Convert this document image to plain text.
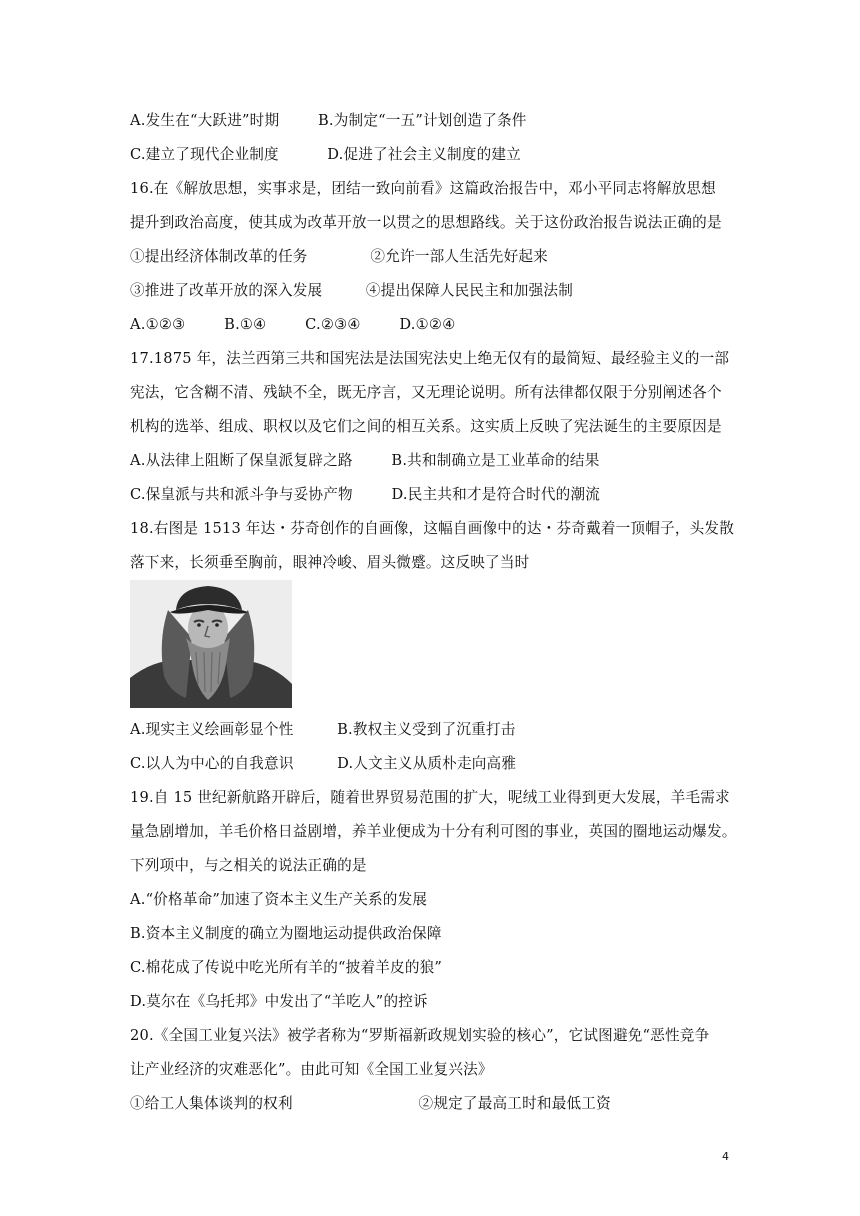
A.发生在“大跃进”时期        B.为制定“一五”计划创造了条件
C.建立了现代企业制度          D.促进了社会主义制度的建立
16.在《解放思想，实事求是，团结一致向前看》这篇政治报告中，邓小平同志将解放思想
提升到政治高度，使其成为改革开放一以贯之的思想路线。关于这份政治报告说法正确的是
①提出经济体制改革的任务             ②允许一部人生活先好起来
③推进了改革开放的深入发展         ④提出保障人民民主和加强法制
A.①②③        B.①④        C.②③④        D.①②④
17.1875 年，法兰西第三共和国宪法是法国宪法史上绝无仅有的最简短、最经验主义的一部
宪法，它含糊不清、残缺不全，既无序言，又无理论说明。所有法律都仅限于分别阐述各个
机构的选举、组成、职权以及它们之间的相互关系。这实质上反映了宪法诞生的主要原因是
A.从法律上阻断了保皇派复辟之路        B.共和制确立是工业革命的结果
C.保皇派与共和派斗争与妥协产物        D.民主共和才是符合时代的潮流
18.右图是 1513 年达・芬奇创作的自画像，这幅自画像中的达・芬奇戴着一顶帽子，头发散
落下来，长须垂至胸前，眼神冷峻、眉头微蹙。这反映了当时
A.现实主义绘画彰显个性         B.教权主义受到了沉重打击
C.以人为中心的自我意识         D.人文主义从质朴走向高雅
19.自 15 世纪新航路开辟后，随着世界贸易范围的扩大，呢绒工业得到更大发展，羊毛需求
量急剧增加，羊毛价格日益剧增，养羊业便成为十分有利可图的事业，英国的圈地运动爆发。
下列项中，与之相关的说法正确的是
A.“价格革命”加速了资本主义生产关系的发展
B.资本主义制度的确立为圈地运动提供政治保障
C.棉花成了传说中吃光所有羊的“披着羊皮的狼”
D.莫尔在《乌托邦》中发出了“羊吃人”的控诉
20.《全国工业复兴法》被学者称为“罗斯福新政规划实验的核心”，它试图避免“恶性竞争
让产业经济的灾难恶化”。由此可知《全国工业复兴法》
①给工人集体谈判的权利                          ②规定了最高工时和最低工资
4
